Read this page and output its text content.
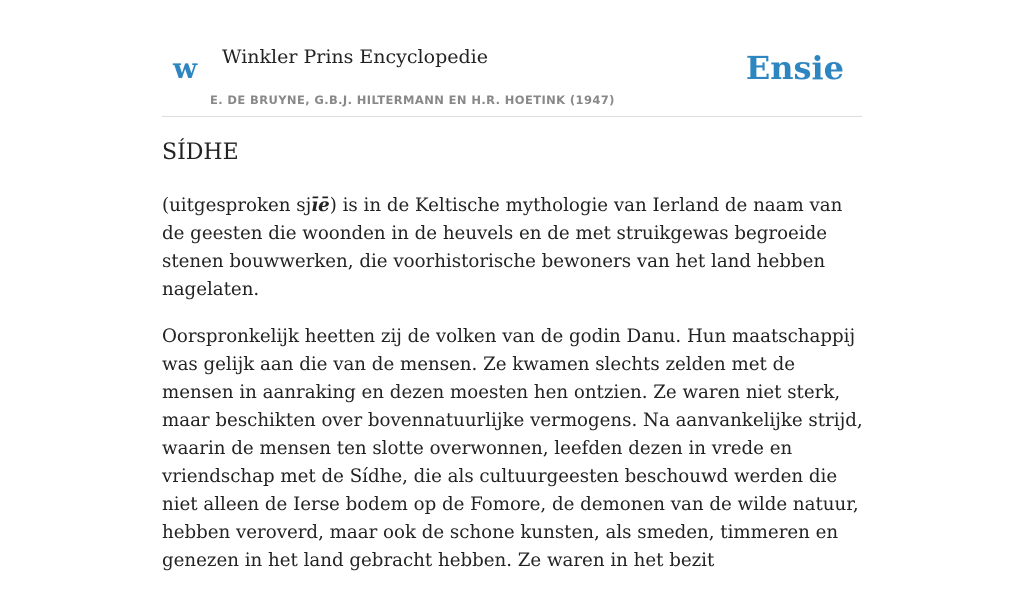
w Winkler Prins Encyclopedie
E. DE BRUYNE, G.B.J. HILTERMANN EN H.R. HOETINK (1947)
Ensie
SÍDHE

(uitgesproken sjīē) is in de Keltische mythologie van Ierland de naam van de geesten die woonden in de heuvels en de met struikgewas begroeide stenen bouwwerken, die voorhistorische bewoners van het land hebben nagelaten.

Oorspronkelijk heetten zij de volken van de godin Danu. Hun maatschappij was gelijk aan die van de mensen. Ze kwamen slechts zelden met de mensen in aanraking en dezen moesten hen ontzien. Ze waren niet sterk, maar beschikten over bovennatuurlijke vermogens. Na aanvankelijke strijd, waarin de mensen ten slotte overwonnen, leefden dezen in vrede en vriendschap met de Sídhe, die als cultuurgeesten beschouwd werden die niet alleen de Ierse bodem op de Fomore, de demonen van de wilde natuur, hebben veroverd, maar ook de schone kunsten, als smeden, timmeren en genezen in het land gebracht hebben. Ze waren in het bezit
